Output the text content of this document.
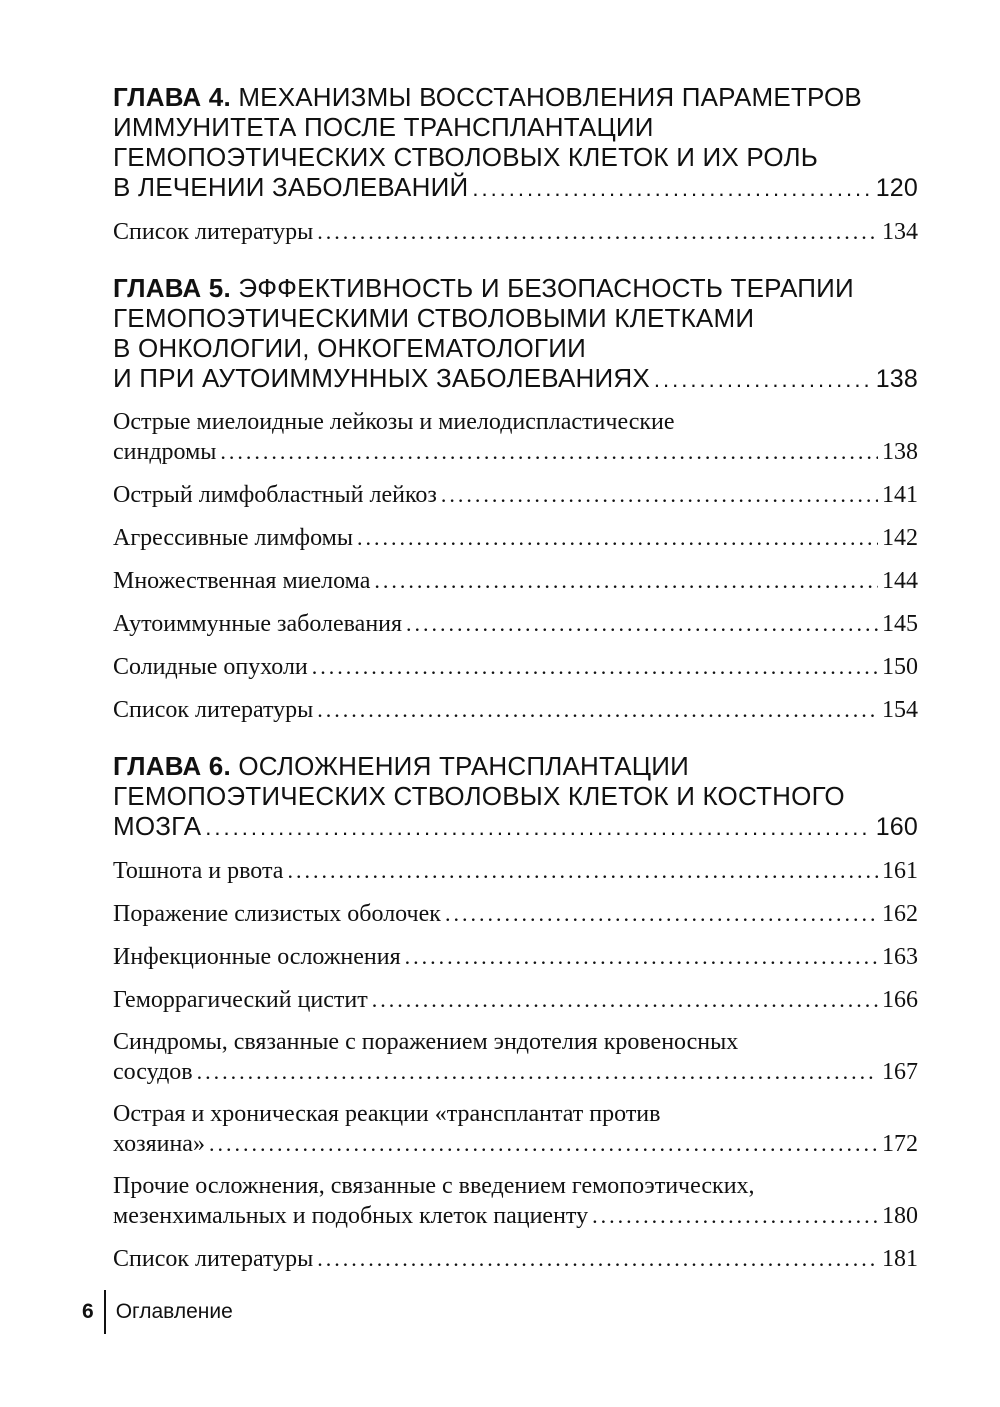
ГЛАВА 4. МЕХАНИЗМЫ ВОССТАНОВЛЕНИЯ ПАРАМЕТРОВ
ИММУНИТЕТА ПОСЛЕ ТРАНСПЛАНТАЦИИ
ГЕМОПОЭТИЧЕСКИХ СТВОЛОВЫХ КЛЕТОК И ИХ РОЛЬ
В ЛЕЧЕНИИ ЗАБОЛЕВАНИЙ .....	120
Список литературы .....	134
ГЛАВА 5. ЭФФЕКТИВНОСТЬ И БЕЗОПАСНОСТЬ ТЕРАПИИ
ГЕМОПОЭТИЧЕСКИМИ СТВОЛОВЫМИ КЛЕТКАМИ
В ОНКОЛОГИИ, ОНКОГЕМАТОЛОГИИ
И ПРИ АУТОИММУННЫХ ЗАБОЛЕВАНИЯХ .....	138
Острые миелоидные лейкозы и миелодиспластические
синдромы .....	138
Острый лимфобластный лейкоз .....	141
Агрессивные лимфомы .....	142
Множественная миелома .....	144
Аутоиммунные заболевания .....	145
Солидные опухоли .....	150
Список литературы .....	154
ГЛАВА 6. ОСЛОЖНЕНИЯ ТРАНСПЛАНТАЦИИ
ГЕМОПОЭТИЧЕСКИХ СТВОЛОВЫХ КЛЕТОК И КОСТНОГО
МОЗГА .....	160
Тошнота и рвота .....	161
Поражение слизистых оболочек .....	162
Инфекционные осложнения .....	163
Геморрагический цистит .....	166
Синдромы, связанные с поражением эндотелия кровеносных
сосудов .....	167
Острая и хроническая реакции «трансплантат против
хозяина» .....	172
Прочие осложнения, связанные с введением гемопоэтических,
мезенхимальных и подобных клеток пациенту .....	180
Список литературы .....	181
6 Оглавление
